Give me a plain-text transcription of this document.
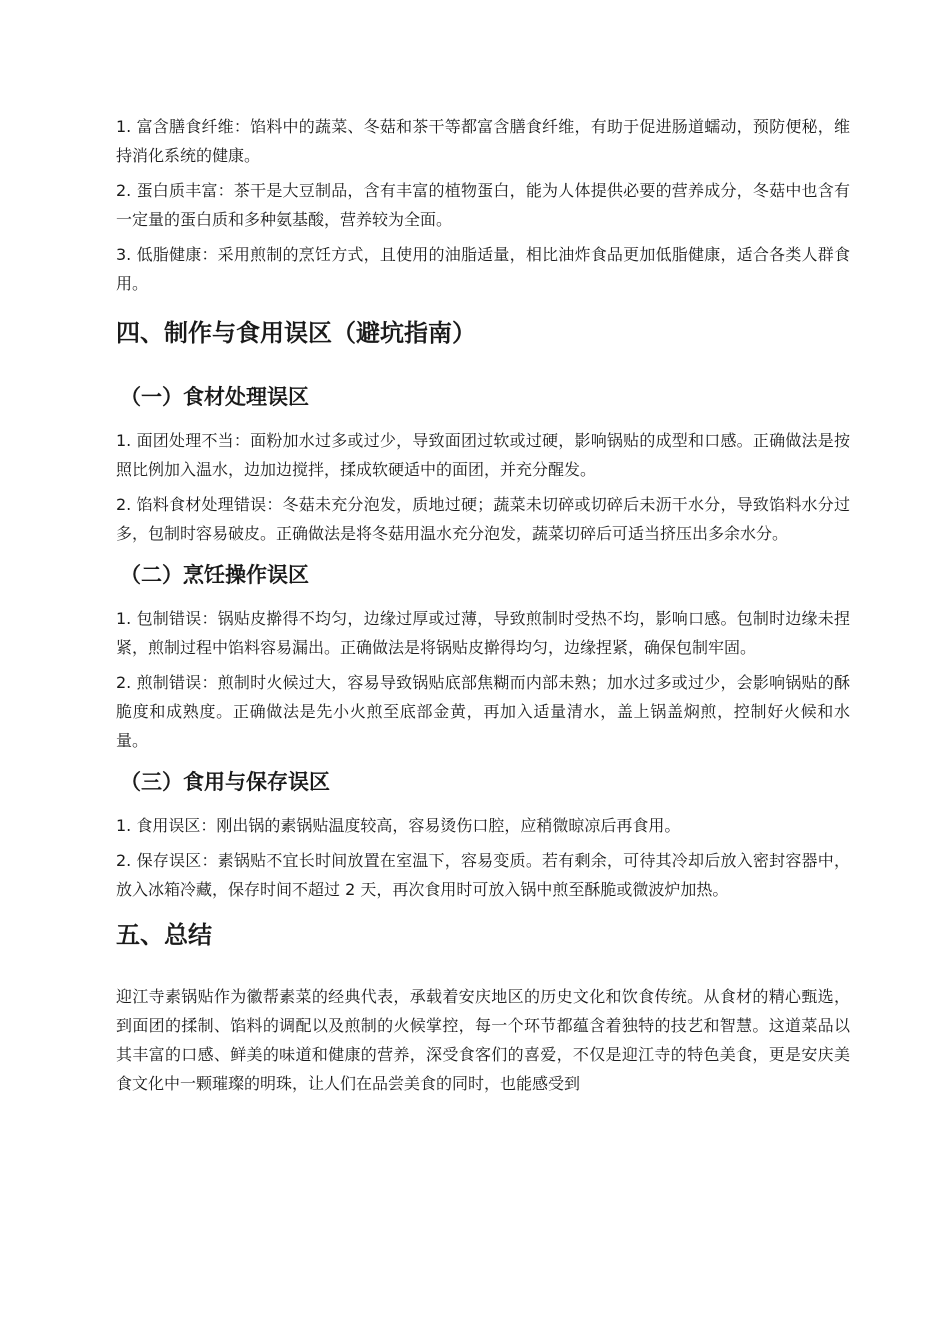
1. 富含膳食纤维：馅料中的蔬菜、冬菇和茶干等都富含膳食纤维，有助于促进肠道蠕动，预防便秘，维持消化系统的健康。

2. 蛋白质丰富：茶干是大豆制品，含有丰富的植物蛋白，能为人体提供必要的营养成分，冬菇中也含有一定量的蛋白质和多种氨基酸，营养较为全面。

3. 低脂健康：采用煎制的烹饪方式，且使用的油脂适量，相比油炸食品更加低脂健康，适合各类人群食用。

四、制作与食用误区（避坑指南）
（一）食材处理误区

1. 面团处理不当：面粉加水过多或过少，导致面团过软或过硬，影响锅贴的成型和口感。正确做法是按照比例加入温水，边加边搅拌，揉成软硬适中的面团，并充分醒发。

2. 馅料食材处理错误：冬菇未充分泡发，质地过硬；蔬菜未切碎或切碎后未沥干水分，导致馅料水分过多，包制时容易破皮。正确做法是将冬菇用温水充分泡发，蔬菜切碎后可适当挤压出多余水分。

（二）烹饪操作误区

1. 包制错误：锅贴皮擀得不均匀，边缘过厚或过薄，导致煎制时受热不均，影响口感。包制时边缘未捏紧，煎制过程中馅料容易漏出。正确做法是将锅贴皮擀得均匀，边缘捏紧，确保包制牢固。

2. 煎制错误：煎制时火候过大，容易导致锅贴底部焦糊而内部未熟；加水过多或过少，会影响锅贴的酥脆度和成熟度。正确做法是先小火煎至底部金黄，再加入适量清水，盖上锅盖焖煎，控制好火候和水量。

（三）食用与保存误区

1. 食用误区：刚出锅的素锅贴温度较高，容易烫伤口腔，应稍微晾凉后再食用。

2. 保存误区：素锅贴不宜长时间放置在室温下，容易变质。若有剩余，可待其冷却后放入密封容器中，放入冰箱冷藏，保存时间不超过 2 天，再次食用时可放入锅中煎至酥脆或微波炉加热。

五、总结

迎江寺素锅贴作为徽帮素菜的经典代表，承载着安庆地区的历史文化和饮食传统。从食材的精心甄选，到面团的揉制、馅料的调配以及煎制的火候掌控，每一个环节都蕴含着独特的技艺和智慧。这道菜品以其丰富的口感、鲜美的味道和健康的营养，深受食客们的喜爱，不仅是迎江寺的特色美食，更是安庆美食文化中一颗璀璨的明珠，让人们在品尝美食的同时，也能感受到
